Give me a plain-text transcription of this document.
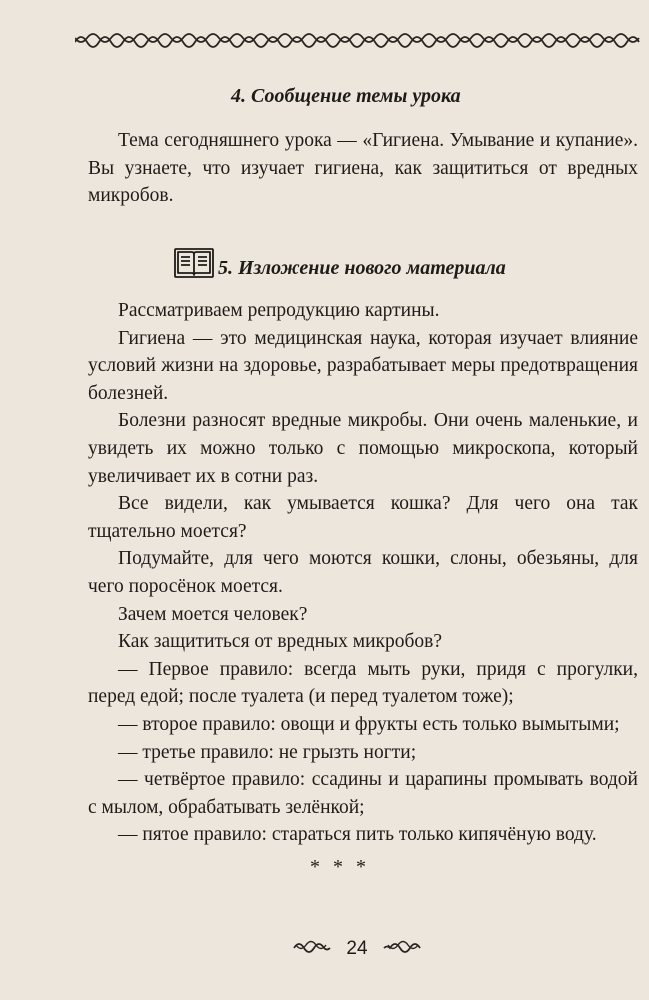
4. Сообщение темы урока

Тема сегодняшнего урока — «Гигиена. Умывание и купание». Вы узнаете, что изучает гигиена, как защититься от вредных микробов.

5. Изложение нового материала

Рассматриваем репродукцию картины.

Гигиена — это медицинская наука, которая изучает влияние условий жизни на здоровье, разрабатывает меры предотвращения болезней.

Болезни разносят вредные микробы. Они очень маленькие, и увидеть их можно только с помощью микроскопа, который увеличивает их в сотни раз.

Все видели, как умывается кошка? Для чего она так тщательно моется?

Подумайте, для чего моются кошки, слоны, обезьяны, для чего поросёнок моется.

Зачем моется человек?

Как защититься от вредных микробов?

— Первое правило: всегда мыть руки, придя с прогулки, перед едой; после туалета (и перед туалетом тоже);

— второе правило: овощи и фрукты есть только вымытыми;

— третье правило: не грызть ногти;

— четвёртое правило: ссадины и царапины промывать водой с мылом, обрабатывать зелёнкой;

— пятое правило: стараться пить только кипячёную воду.

* * *
24
